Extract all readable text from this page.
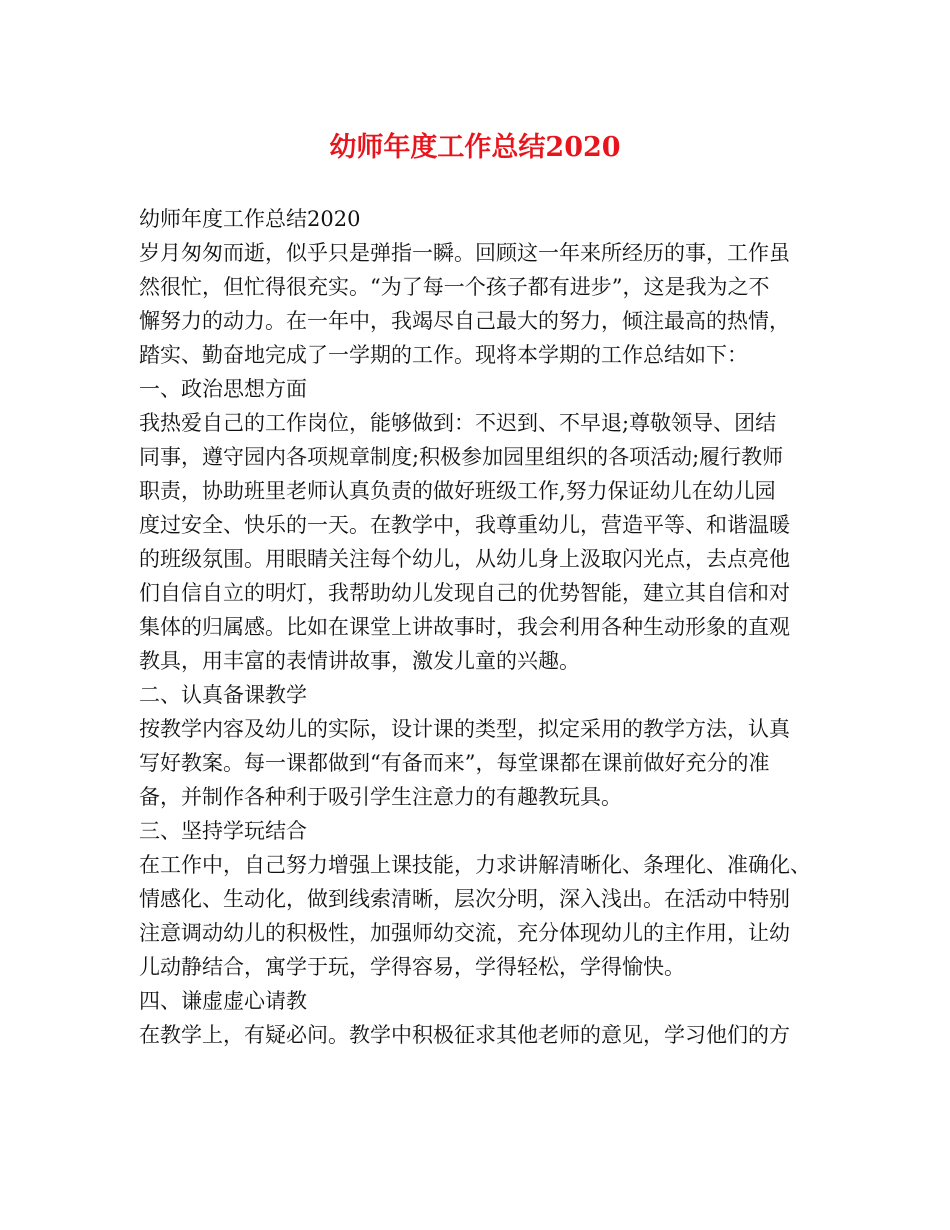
幼师年度工作总结2020
幼师年度工作总结2020
岁月匆匆而逝，似乎只是弹指一瞬。回顾这一年来所经历的事，工作虽
然很忙，但忙得很充实。“为了每一个孩子都有进步”，这是我为之不
懈努力的动力。在一年中，我竭尽自己最大的努力，倾注最高的热情，
踏实、勤奋地完成了一学期的工作。现将本学期的工作总结如下：
一、政治思想方面
我热爱自己的工作岗位，能够做到：不迟到、不早退;尊敬领导、团结
同事，遵守园内各项规章制度;积极参加园里组织的各项活动;履行教师
职责，协助班里老师认真负责的做好班级工作,努力保证幼儿在幼儿园
度过安全、快乐的一天。在教学中，我尊重幼儿，营造平等、和谐温暖
的班级氛围。用眼睛关注每个幼儿，从幼儿身上汲取闪光点，去点亮他
们自信自立的明灯，我帮助幼儿发现自己的优势智能，建立其自信和对
集体的归属感。比如在课堂上讲故事时，我会利用各种生动形象的直观
教具，用丰富的表情讲故事，激发儿童的兴趣。
二、认真备课教学
按教学内容及幼儿的实际，设计课的类型，拟定采用的教学方法，认真
写好教案。每一课都做到“有备而来”，每堂课都在课前做好充分的准
备，并制作各种利于吸引学生注意力的有趣教玩具。
三、坚持学玩结合
在工作中，自己努力增强上课技能，力求讲解清晰化、条理化、准确化、
情感化、生动化，做到线索清晰，层次分明，深入浅出。在活动中特别
注意调动幼儿的积极性，加强师幼交流，充分体现幼儿的主作用，让幼
儿动静结合，寓学于玩，学得容易，学得轻松，学得愉快。
四、谦虚虚心请教
在教学上，有疑必问。教学中积极征求其他老师的意见，学习他们的方
